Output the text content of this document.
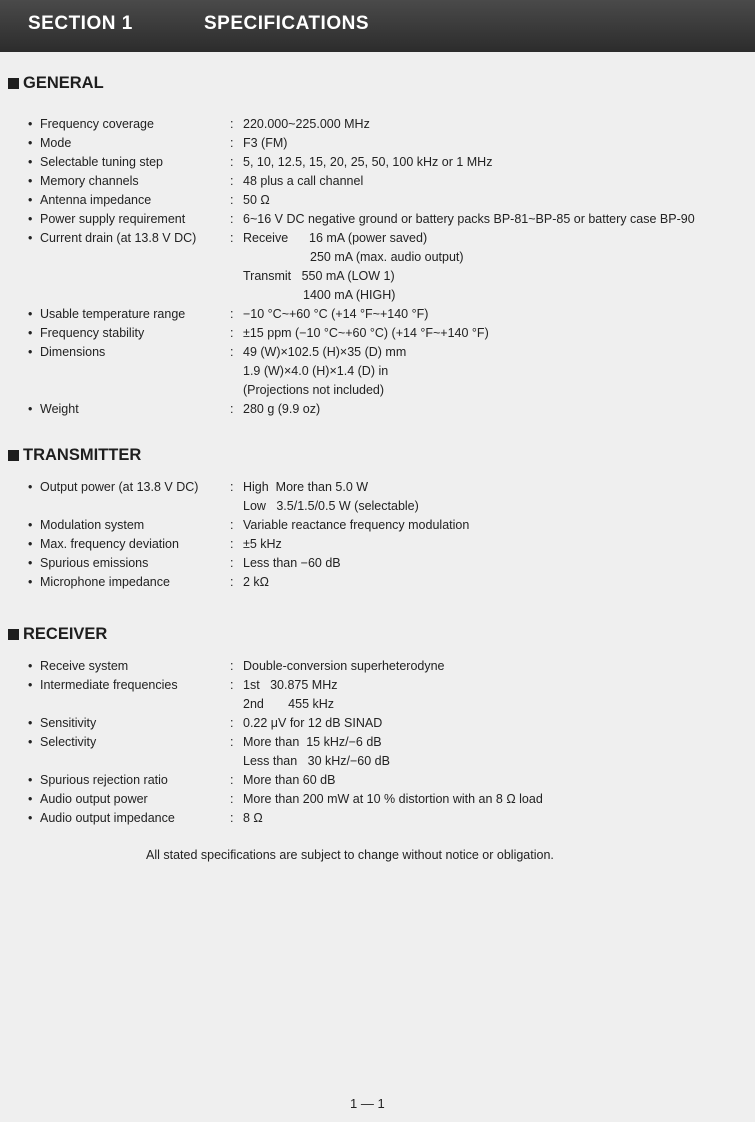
SECTION 1	SPECIFICATIONS
GENERAL
• Frequency coverage	: 220.000~225.000 MHz
• Mode	: F3 (FM)
• Selectable tuning step	: 5, 10, 12.5, 15, 20, 25, 50, 100 kHz or 1 MHz
• Memory channels	: 48 plus a call channel
• Antenna impedance	: 50 Ω
• Power supply requirement	: 6~16 V DC negative ground or battery packs BP-81~BP-85 or battery case BP-90
• Current drain (at 13.8 V DC)	: Receive      16 mA (power saved)
250 mA (max. audio output)
Transmit   550 mA (LOW 1)
1400 mA (HIGH)
• Usable temperature range	: −10 °C~+60 °C (+14 °F~+140 °F)
• Frequency stability	: ±15 ppm (−10 °C~+60 °C) (+14 °F~+140 °F)
• Dimensions	: 49 (W)×102.5 (H)×35 (D) mm
1.9 (W)×4.0 (H)×1.4 (D) in
(Projections not included)
• Weight	: 280 g (9.9 oz)
TRANSMITTER
• Output power (at 13.8 V DC)	: High  More than 5.0 W
Low   3.5/1.5/0.5 W (selectable)
• Modulation system	: Variable reactance frequency modulation
• Max. frequency deviation	: ±5 kHz
• Spurious emissions	: Less than −60 dB
• Microphone impedance	: 2 kΩ
RECEIVER
• Receive system	: Double-conversion superheterodyne
• Intermediate frequencies	: 1st   30.875 MHz
2nd       455 kHz
• Sensitivity	: 0.22 μV for 12 dB SINAD
• Selectivity	: More than  15 kHz/−6 dB
Less than   30 kHz/−60 dB
• Spurious rejection ratio	: More than 60 dB
• Audio output power	: More than 200 mW at 10 % distortion with an 8 Ω load
• Audio output impedance	: 8 Ω
All stated specifications are subject to change without notice or obligation.
1 — 1
